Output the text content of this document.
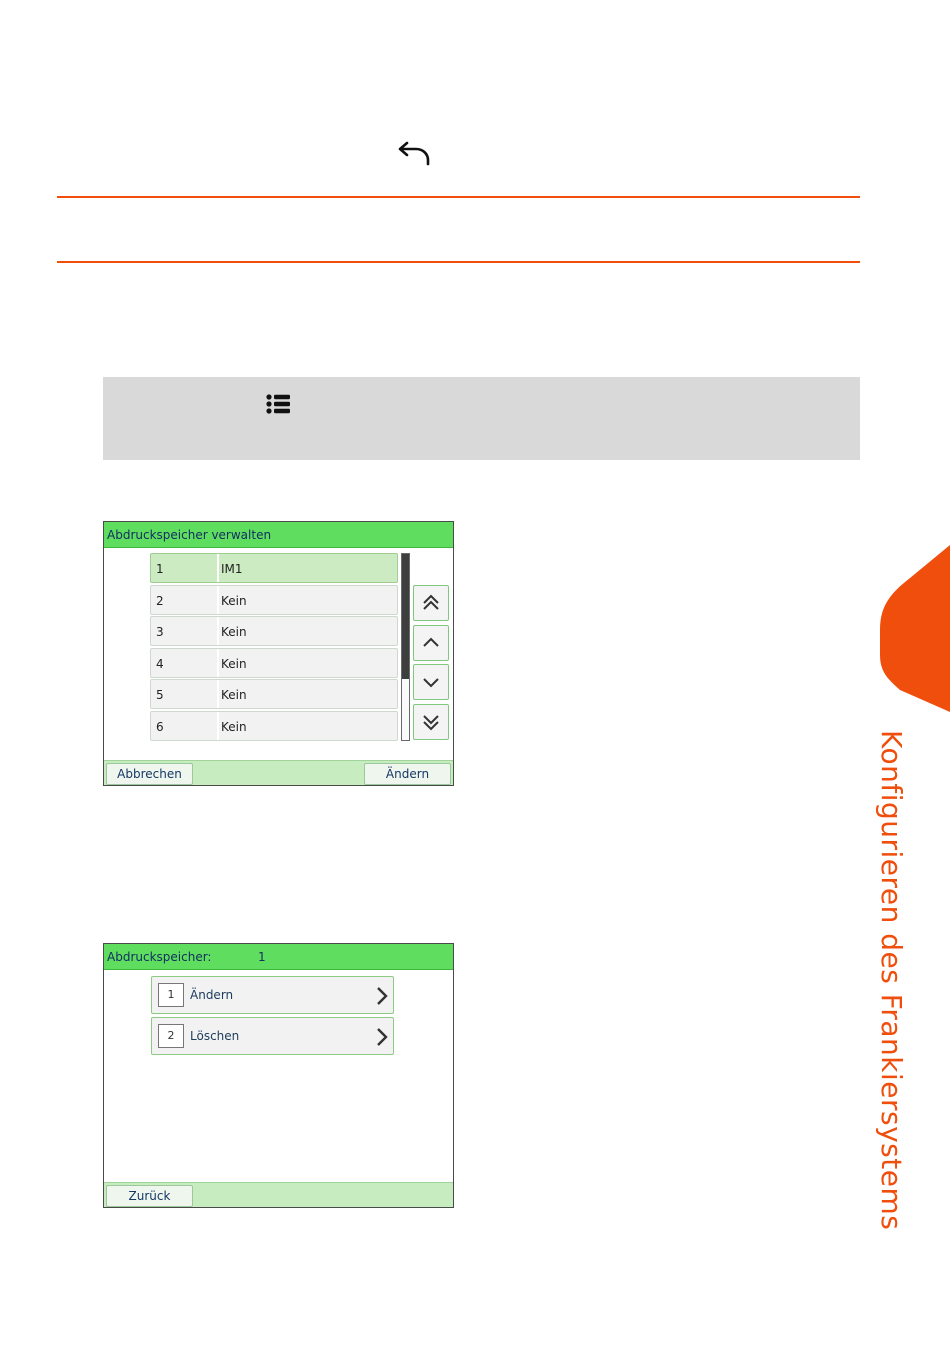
Abdruckspeicher verwalten
1	IM1
2	Kein
3	Kein
4	Kein
5	Kein
6	Kein
Abbrechen	Ändern
Abdruckspeicher:	1
1	Ändern
2	Löschen
Zurück	Konfigurieren des Frankiersystems
